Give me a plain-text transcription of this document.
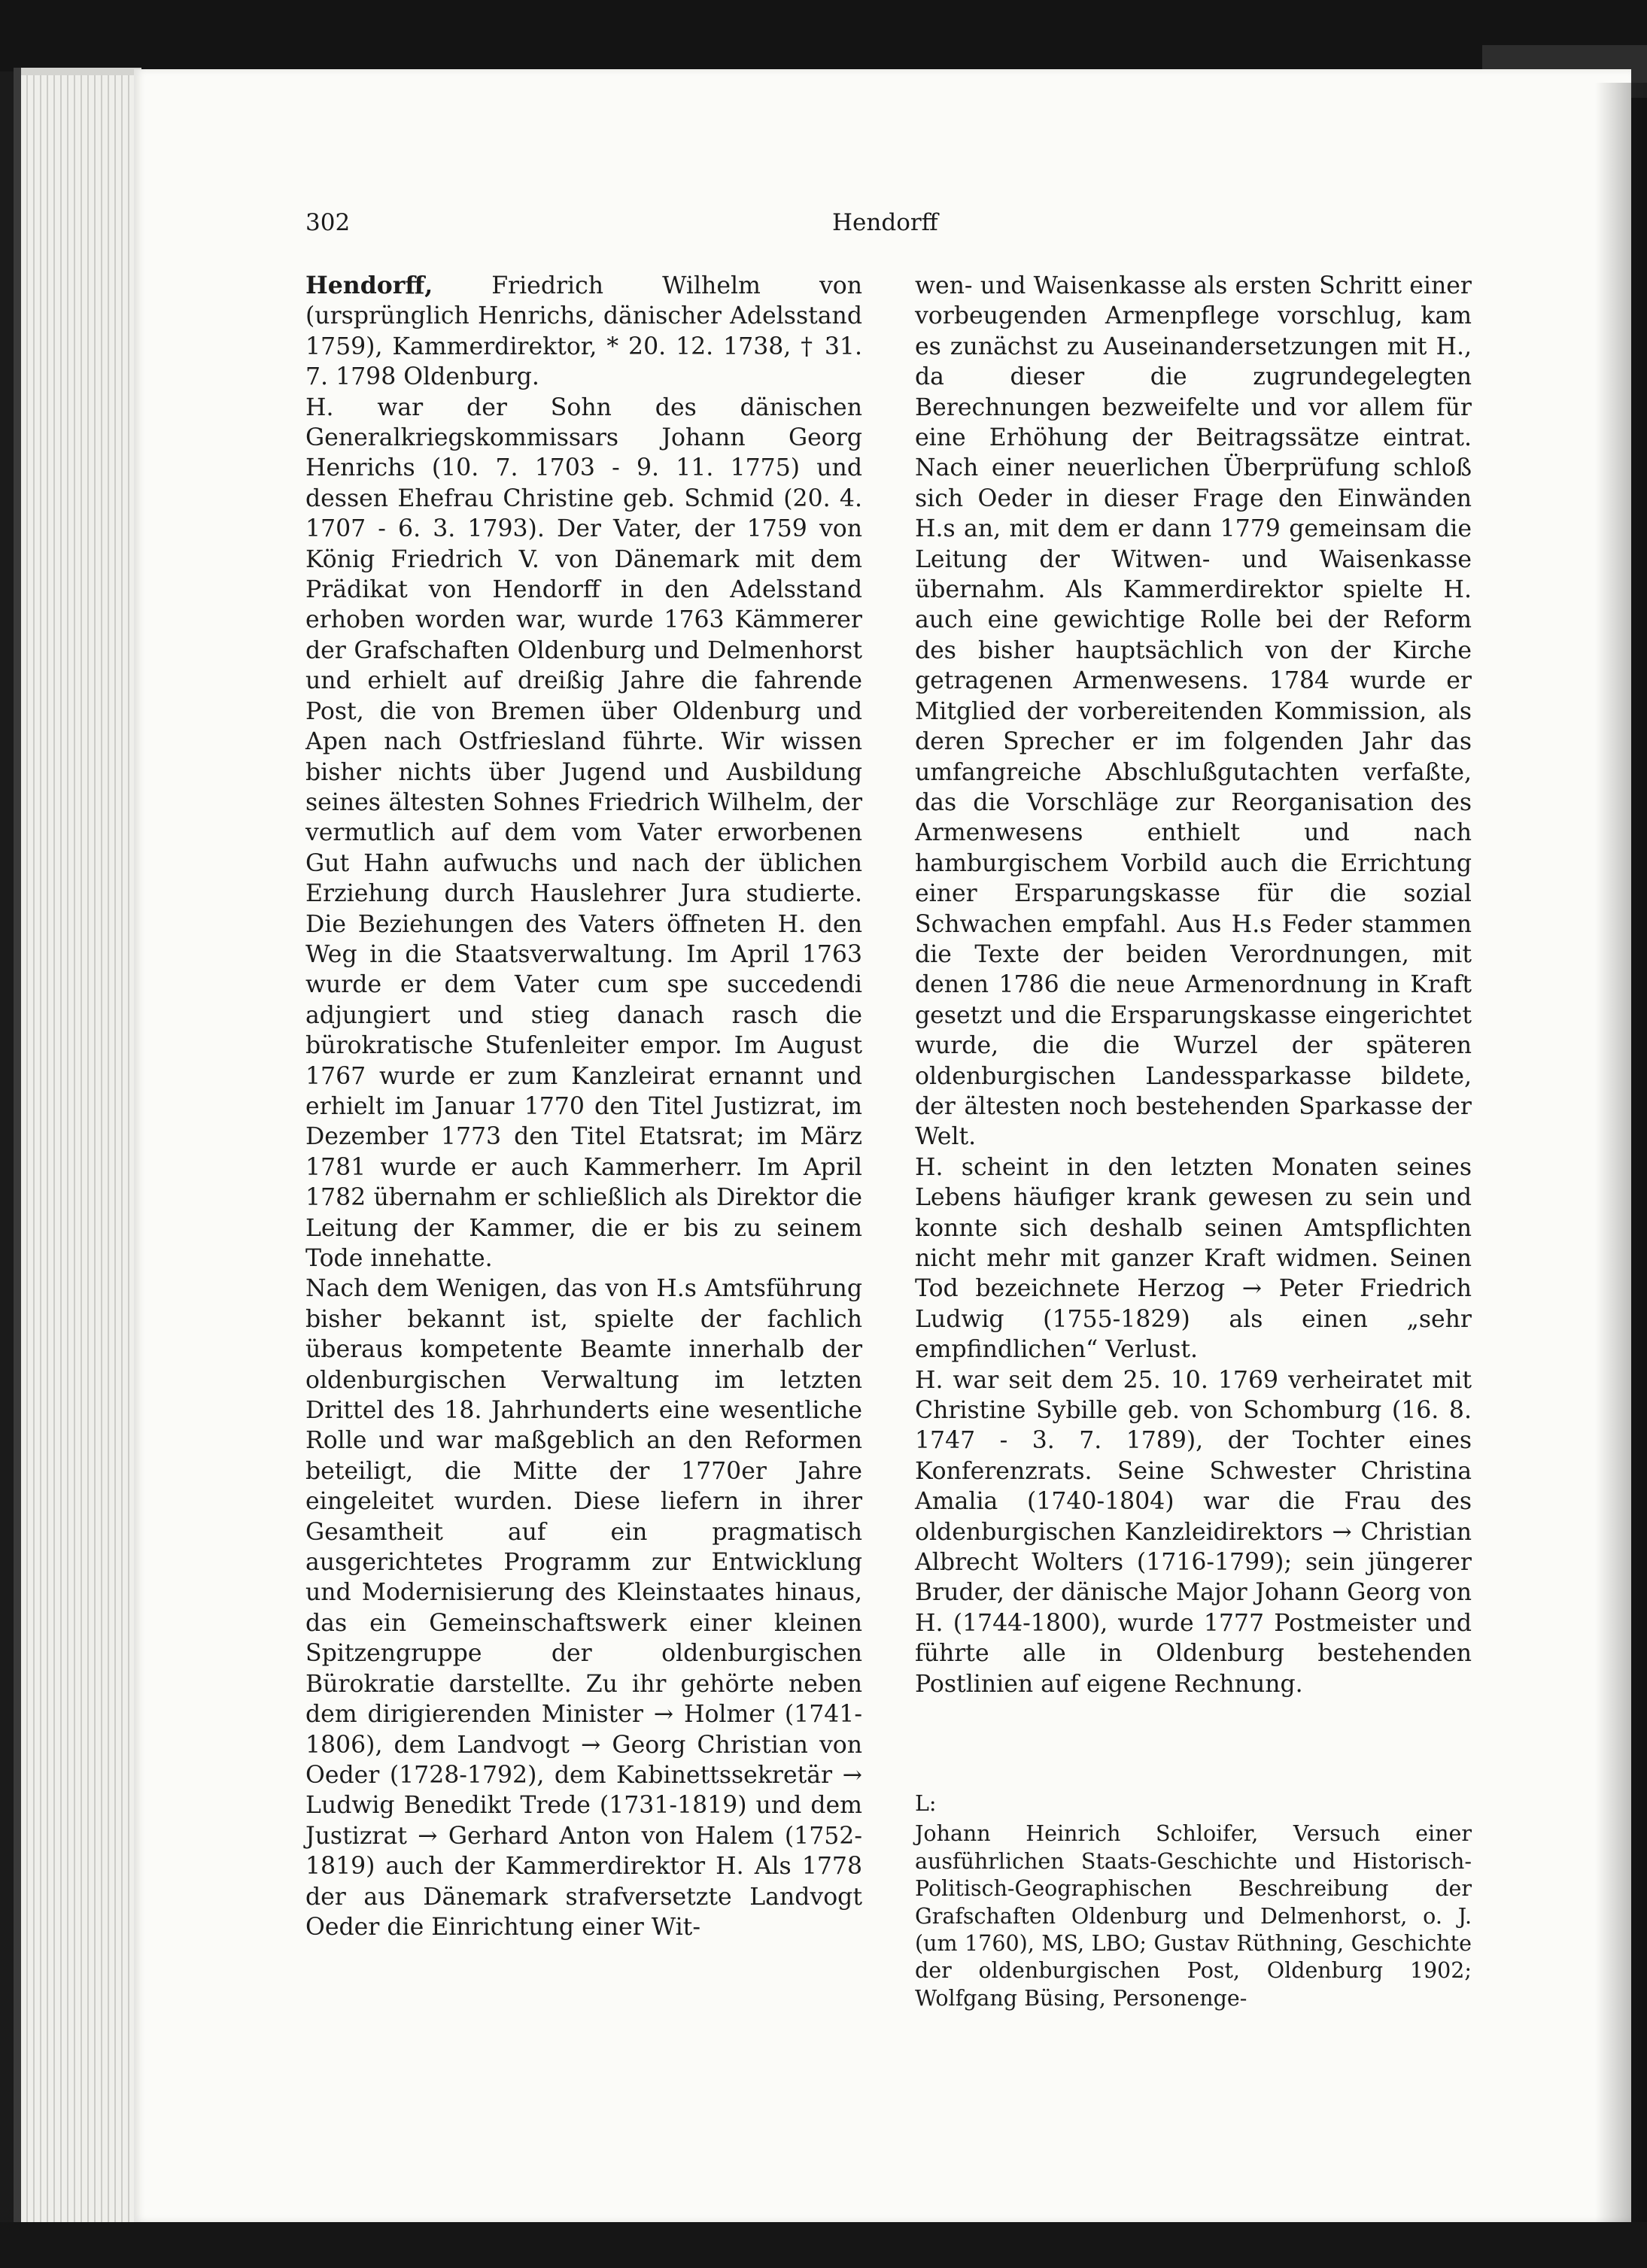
302	Hendorff

Hendorff, Friedrich Wilhelm von (ursprünglich Henrichs, dänischer Adelsstand 1759), Kammerdirektor, * 20. 12. 1738, † 31. 7. 1798 Oldenburg.

H. war der Sohn des dänischen Generalkriegskommissars Johann Georg Henrichs (10. 7. 1703 - 9. 11. 1775) und dessen Ehefrau Christine geb. Schmid (20. 4. 1707 - 6. 3. 1793). Der Vater, der 1759 von König Friedrich V. von Dänemark mit dem Prädikat von Hendorff in den Adelsstand erhoben worden war, wurde 1763 Kämmerer der Grafschaften Oldenburg und Delmenhorst und erhielt auf dreißig Jahre die fahrende Post, die von Bremen über Oldenburg und Apen nach Ostfriesland führte. Wir wissen bisher nichts über Jugend und Ausbildung seines ältesten Sohnes Friedrich Wilhelm, der vermutlich auf dem vom Vater erworbenen Gut Hahn aufwuchs und nach der üblichen Erziehung durch Hauslehrer Jura studierte. Die Beziehungen des Vaters öffneten H. den Weg in die Staatsverwaltung. Im April 1763 wurde er dem Vater cum spe succedendi adjungiert und stieg danach rasch die bürokratische Stufenleiter empor. Im August 1767 wurde er zum Kanzleirat ernannt und erhielt im Januar 1770 den Titel Justizrat, im Dezember 1773 den Titel Etatsrat; im März 1781 wurde er auch Kammerherr. Im April 1782 übernahm er schließlich als Direktor die Leitung der Kammer, die er bis zu seinem Tode innehatte.

Nach dem Wenigen, das von H.s Amtsführung bisher bekannt ist, spielte der fachlich überaus kompetente Beamte innerhalb der oldenburgischen Verwaltung im letzten Drittel des 18. Jahrhunderts eine wesentliche Rolle und war maßgeblich an den Reformen beteiligt, die Mitte der 1770er Jahre eingeleitet wurden. Diese liefern in ihrer Gesamtheit auf ein pragmatisch ausgerichtetes Programm zur Entwicklung und Modernisierung des Kleinstaates hinaus, das ein Gemeinschaftswerk einer kleinen Spitzengruppe der oldenburgischen Bürokratie darstellte. Zu ihr gehörte neben dem dirigierenden Minister → Holmer (1741-1806), dem Landvogt → Georg Christian von Oeder (1728-1792), dem Kabinettssekretär → Ludwig Benedikt Trede (1731-1819) und dem Justizrat → Gerhard Anton von Halem (1752-1819) auch der Kammerdirektor H. Als 1778 der aus Dänemark strafversetzte Landvogt Oeder die Einrichtung einer Wit-

wen- und Waisenkasse als ersten Schritt einer vorbeugenden Armenpflege vorschlug, kam es zunächst zu Auseinandersetzungen mit H., da dieser die zugrundegelegten Berechnungen bezweifelte und vor allem für eine Erhöhung der Beitragssätze eintrat. Nach einer neuerlichen Überprüfung schloß sich Oeder in dieser Frage den Einwänden H.s an, mit dem er dann 1779 gemeinsam die Leitung der Witwen- und Waisenkasse übernahm. Als Kammerdirektor spielte H. auch eine gewichtige Rolle bei der Reform des bisher hauptsächlich von der Kirche getragenen Armenwesens. 1784 wurde er Mitglied der vorbereitenden Kommission, als deren Sprecher er im folgenden Jahr das umfangreiche Abschlußgutachten verfaßte, das die Vorschläge zur Reorganisation des Armenwesens enthielt und nach hamburgischem Vorbild auch die Errichtung einer Ersparungskasse für die sozial Schwachen empfahl. Aus H.s Feder stammen die Texte der beiden Verordnungen, mit denen 1786 die neue Armenordnung in Kraft gesetzt und die Ersparungskasse eingerichtet wurde, die die Wurzel der späteren oldenburgischen Landessparkasse bildete, der ältesten noch bestehenden Sparkasse der Welt.

H. scheint in den letzten Monaten seines Lebens häufiger krank gewesen zu sein und konnte sich deshalb seinen Amtspflichten nicht mehr mit ganzer Kraft widmen. Seinen Tod bezeichnete Herzog → Peter Friedrich Ludwig (1755-1829) als einen „sehr empfindlichen“ Verlust.

H. war seit dem 25. 10. 1769 verheiratet mit Christine Sybille geb. von Schomburg (16. 8. 1747 - 3. 7. 1789), der Tochter eines Konferenzrats. Seine Schwester Christina Amalia (1740-1804) war die Frau des oldenburgischen Kanzleidirektors → Christian Albrecht Wolters (1716-1799); sein jüngerer Bruder, der dänische Major Johann Georg von H. (1744-1800), wurde 1777 Postmeister und führte alle in Oldenburg bestehenden Postlinien auf eigene Rechnung.

L:

Johann Heinrich Schloifer, Versuch einer ausführlichen Staats-Geschichte und Historisch-Politisch-Geographischen Beschreibung der Grafschaften Oldenburg und Delmenhorst, o. J. (um 1760), MS, LBO; Gustav Rüthning, Geschichte der oldenburgischen Post, Oldenburg 1902; Wolfgang Büsing, Personenge-
